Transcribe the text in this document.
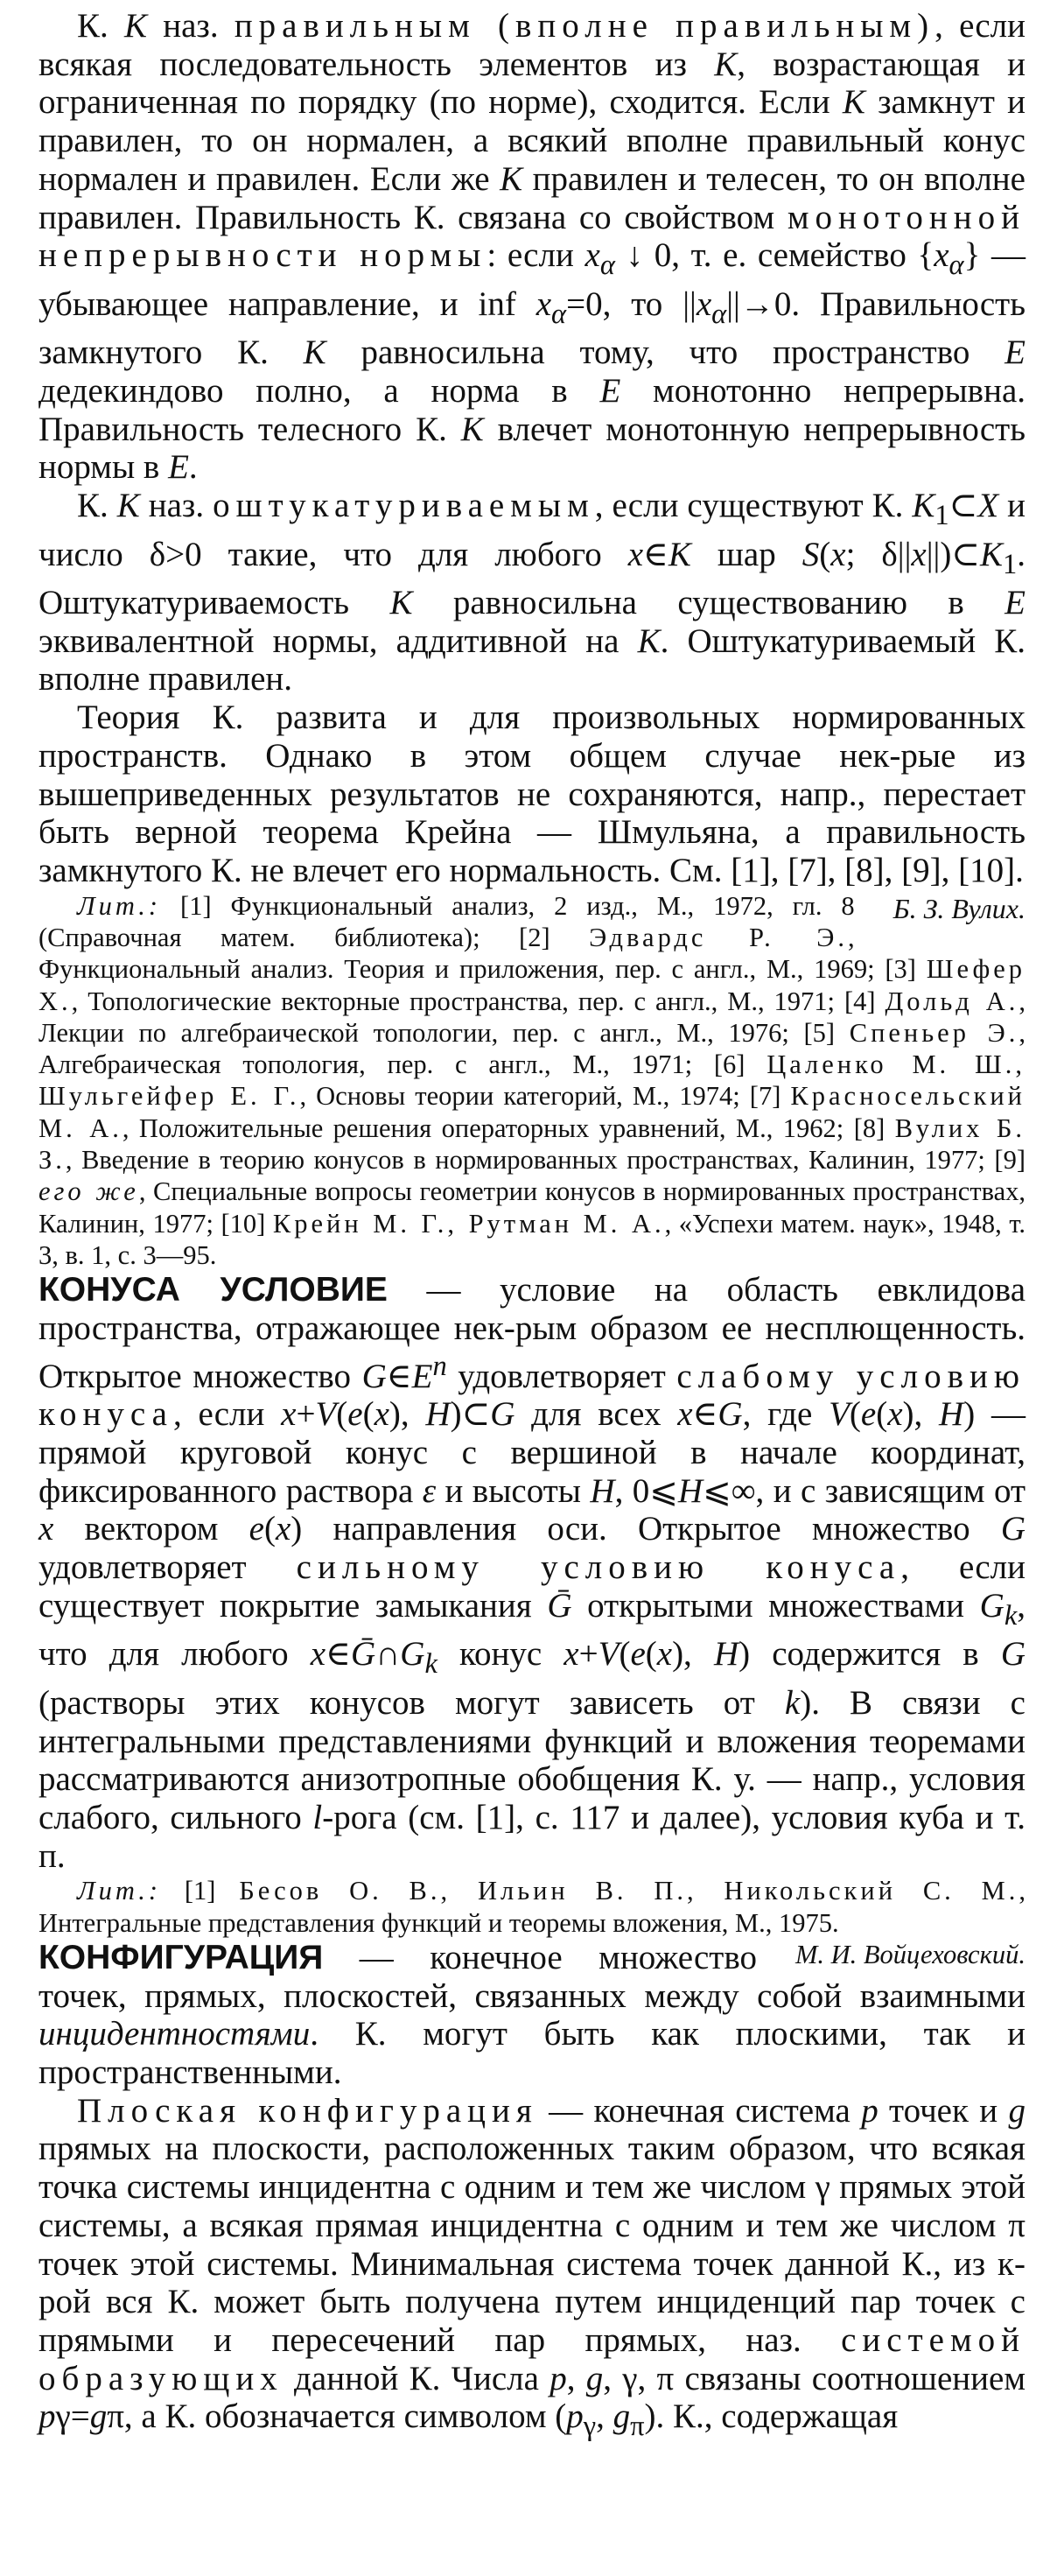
К. K наз. правильным (вполне правильным), если всякая последовательность элементов из K, возрастающая и ограниченная по порядку (по норме), сходится. Если K замкнут и правилен, то он нормален, а всякий вполне правильный конус нормален и правилен. Если же K правилен и телесен, то он вполне правилен. Правильность К. связана со свойством монотонной непрерывности нормы: если $x_\alpha$ ↓ 0, т. е. семейство $\{x_\alpha\}$ — убывающее направление, и inf $x_\alpha=0$, то $||x_\alpha||\to 0$. Правильность замкнутого К. K равносильна тому, что пространство E дедекиндово полно, а норма в E монотонно непрерывна. Правильность телесного К. K влечет монотонную непрерывность нормы в E.

К. K наз. оштукатуриваемым, если существуют К. $K_1\subset X$ и число δ>0 такие, что для любого x∈K шар S(x; $\delta||x||)\subset K_1$. Оштукатуриваемость K равносильна существованию в E эквивалентной нормы, аддитивной на K. Оштукатуриваемый К. вполне правилен.

Теория К. развита и для произвольных нормированных пространств. Однако в этом общем случае нек-рые из вышеприведенных результатов не сохраняются, напр., перестает быть верной теорема Крейна — Шмульяна, а правильность замкнутого К. не влечет его нормальность. См. [1], [7], [8], [9], [10].
Б. З. Вулих.

Лит.: [1] Функциональный анализ, 2 изд., М., 1972, гл. 8 (Справочная матем. библиотека); [2] Эдвардс Р. Э., Функциональный анализ. Теория и приложения, пер. с англ., М., 1969; [3] Шефер Х., Топологические векторные пространства, пер. с англ., М., 1971; [4] Дольд А., Лекции по алгебраической топологии, пер. с англ., М., 1976; [5] Спеньер Э., Алгебраическая топология, пер. с англ., М., 1971; [6] Цаленко М. Ш., Шульгейфер Е. Г., Основы теории категорий, М., 1974; [7] Красносельский М. А., Положительные решения операторных уравнений, М., 1962; [8] Вулих Б. З., Введение в теорию конусов в нормированных пространствах, Калинин, 1977; [9] его же, Специальные вопросы геометрии конусов в нормированных пространствах, Калинин, 1977; [10] Крейн М. Г., Рутман М. А., «Успехи матем. наук», 1948, т. 3, в. 1, с. 3—95.

КОНУСА УСЛОВИЕ — условие на область евклидова пространства, отражающее нек-рым образом ее несплющенность. Открытое множество $G\in E^n$ удовлетворяет слабому условию конуса, если x+V(e(x), H)⊂G для всех x∈G, где V(e(x), H) — прямой круговой конус с вершиной в начале координат, фиксированного раствора ε и высоты H, 0⩽H⩽∞, и с зависящим от x вектором e(x) направления оси. Открытое множество G удовлетворяет сильному условию конуса, если существует покрытие замыкания Ḡ открытыми множествами $G_k$, что для любого $x\in Ḡ\cap G_k$ конус x+V(e(x), H) содержится в G (растворы этих конусов могут зависеть от k). В связи с интегральными представлениями функций и вложения теоремами рассматриваются анизотропные обобщения К. у. — напр., условия слабого, сильного l-рога (см. [1], с. 117 и далее), условия куба и т. п.

Лит.: [1] Бесов О. В., Ильин В. П., Никольский С. М., Интегральные представления функций и теоремы вложения, М., 1975.
М. И. Войцеховский.

КОНФИГУРАЦИЯ — конечное множество точек, прямых, плоскостей, связанных между собой взаимными инцидентностями. К. могут быть как плоскими, так и пространственными.

Плоская конфигурация — конечная система p точек и g прямых на плоскости, расположенных таким образом, что всякая точка системы инцидентна с одним и тем же числом γ прямых этой системы, а всякая прямая инцидентна с одним и тем же числом π точек этой системы. Минимальная система точек данной К., из к-рой вся К. может быть получена путем инциденций пар точек с прямыми и пересечений пар прямых, наз. системой образующих данной К. Числа p, g, γ, π связаны соотношением pγ=gπ, а К. обозначается символом ($p_\gamma$, $g_\pi$). К., содержащая
